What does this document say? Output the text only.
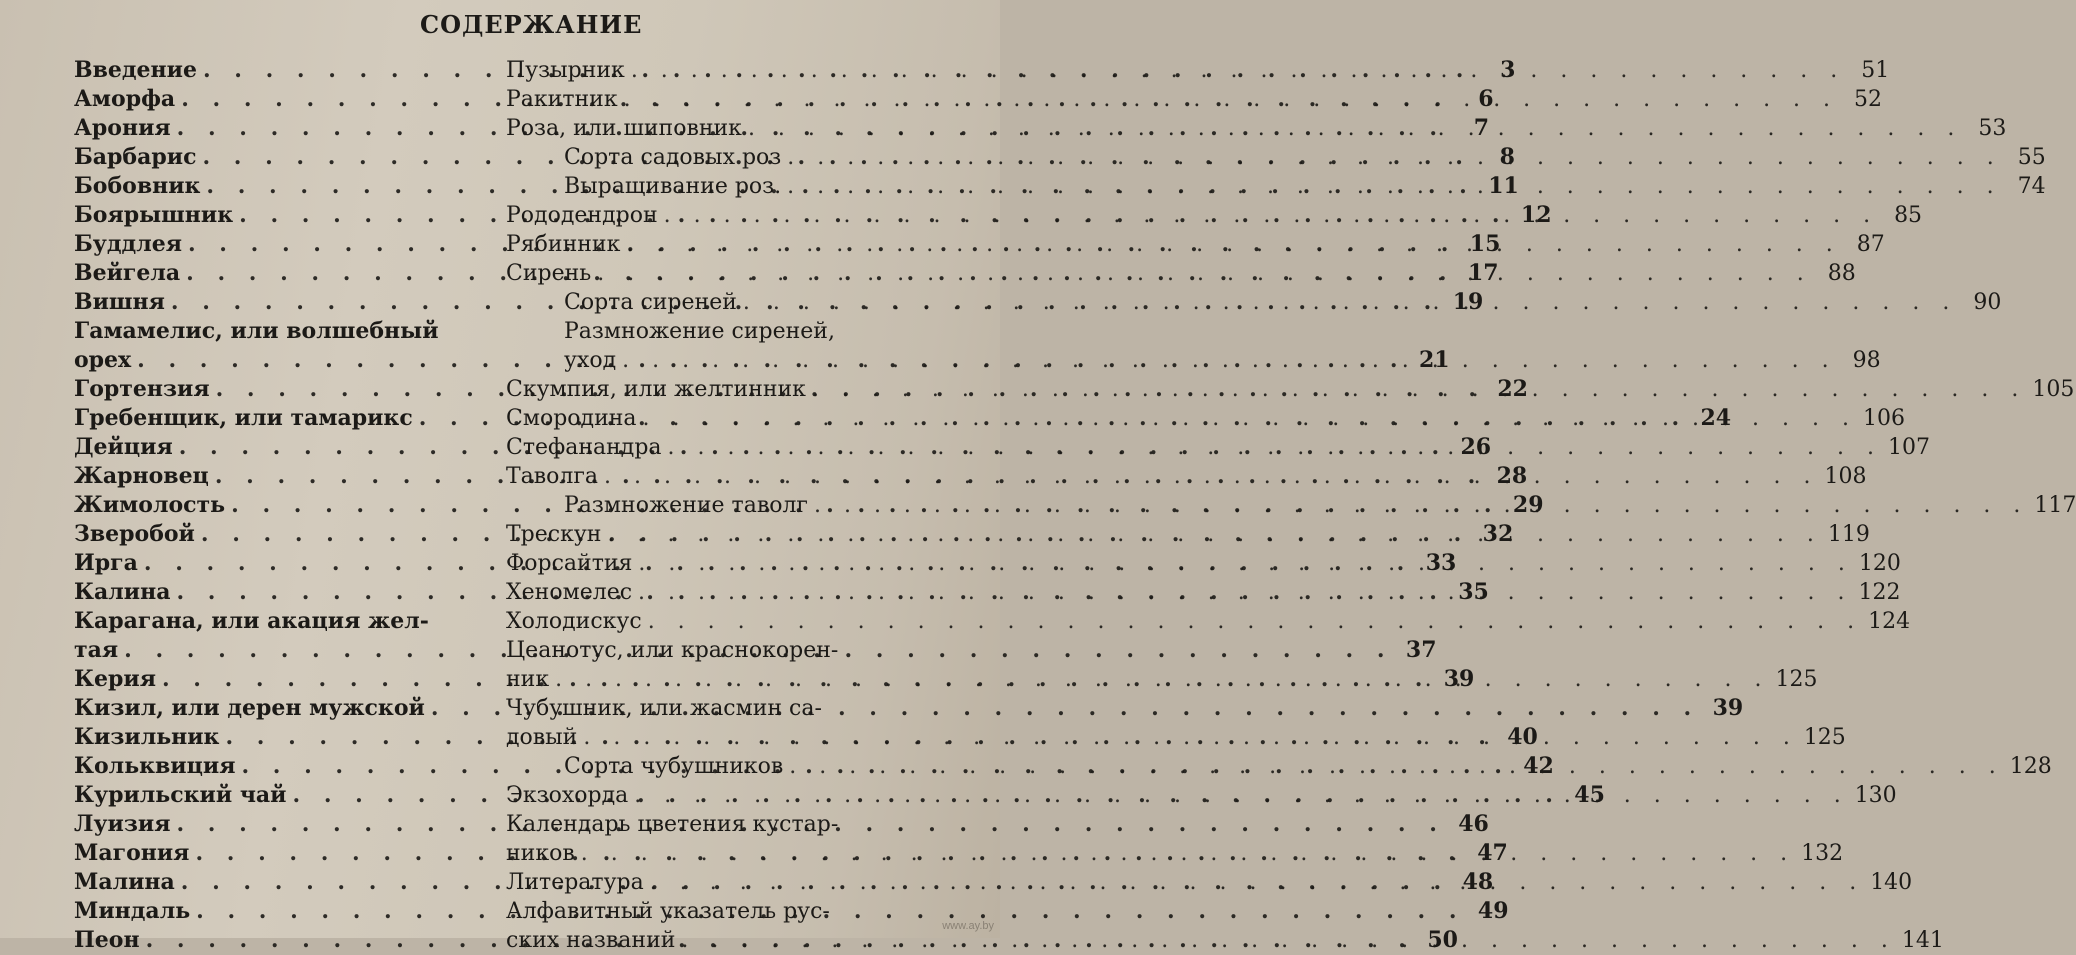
СОДЕРЖАНИЕ
Введение . . .	3
Аморфа . . .	6
Арония . . .	7
Барбарис . . .	8
Бобовник . . .	11
Боярышник . . .	12
Буддлея . . .	15
Вейгела . . .	17
Вишня . . .	19
Гамамелис, или волшебный
орех . . .	21
Гортензия . . .	22
Гребенщик, или тамарикс . . .	24
Дейция . . .	26
Жарновец . . .	28
Жимолость . . .	29
Зверобой . . .	32
Ирга . . .	33
Калина . . .	35
Карагана, или акация жел-
тая . . .	37
Керия . . .	39
Кизил, или дерен мужской . . .	39
Кизильник . . .	40
Кольквиция . . .	42
Курильский чай . . .	45
Луизия . . .	46
Магония . . .	47
Малина . . .	48
Миндаль . . .	49
Пеон . . .	50
Пузырник . . .	51
Ракитник . . .	52
Роза, или шиповник . . .	53
Сорта садовых роз . . .	55
Выращивание роз. . . .	74
Рододендрон . . .	85
Рябинник . . .	87
Сирень . . .	88
Сорта сиреней . . .	90
Размножение сиреней,
уход . . .	98
Скумпия, или желтинник . . .	105
Смородина . . .	106
Стефанандра . . .	107
Таволга . . .	108
Размножение таволг . . .	117
Трескун . . .	119
Форсайтия . . .	120
Хеномелес . . .	122
Холодискус . . .	124
Цеанотус, или краснокорен-
ник . . .	125
Чубушник, или жасмин са-
довый . . .	125
Сорта чубушников . . .	128
Экзохорда . . .	130
Календарь цветения кустар-
ников . . .	132
Литература . . .	140
Алфавитный указатель рус-
ских названий . . .	141
www.ay.by
